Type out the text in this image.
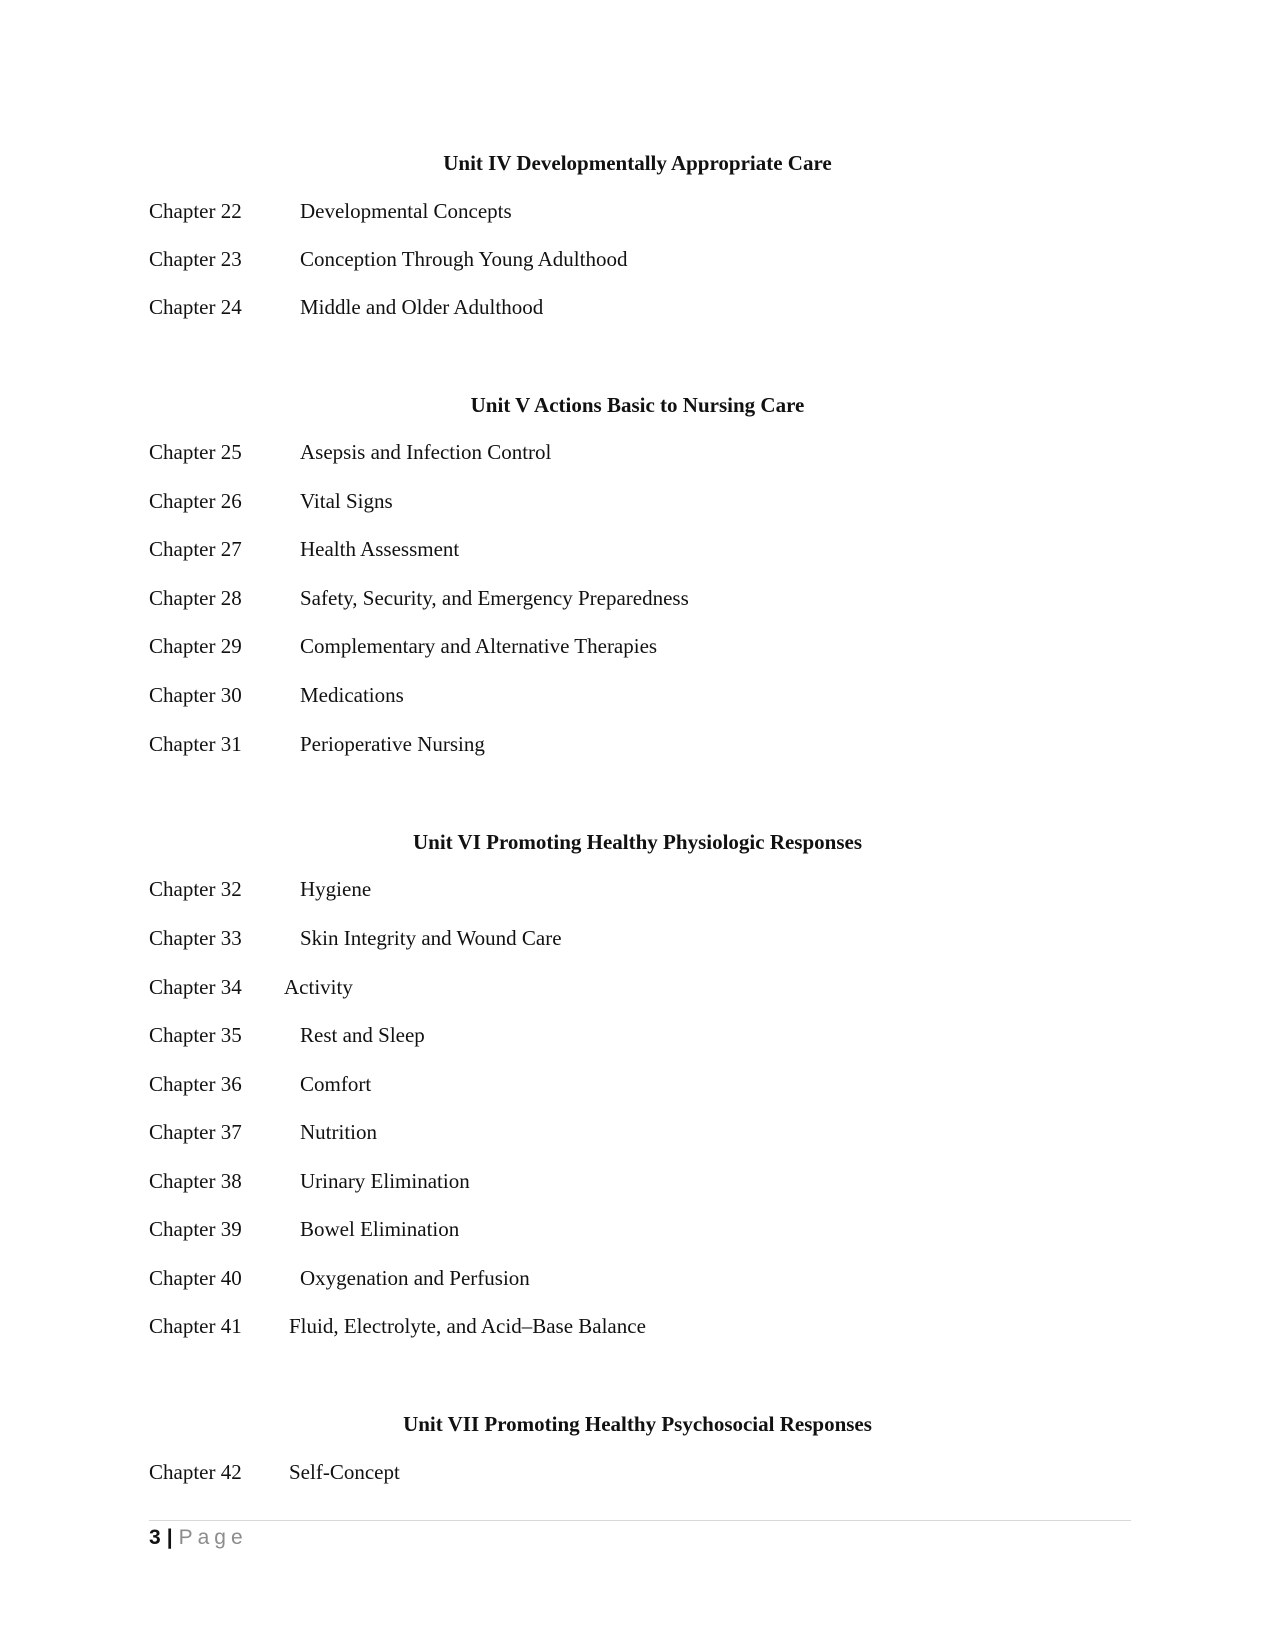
Unit IV Developmentally Appropriate Care
Chapter 22	Developmental Concepts
Chapter 23	Conception Through Young Adulthood
Chapter 24	Middle and Older Adulthood
Unit V Actions Basic to Nursing Care
Chapter 25	Asepsis and Infection Control
Chapter 26	Vital Signs
Chapter 27	Health Assessment
Chapter 28	Safety, Security, and Emergency Preparedness
Chapter 29	Complementary and Alternative Therapies
Chapter 30	Medications
Chapter 31	Perioperative Nursing
Unit VI Promoting Healthy Physiologic Responses
Chapter 32	Hygiene
Chapter 33	Skin Integrity and Wound Care
Chapter 34 Activity
Chapter 35	Rest and Sleep
Chapter 36	Comfort
Chapter 37	Nutrition
Chapter 38	Urinary Elimination
Chapter 39	Bowel Elimination
Chapter 40	Oxygenation and Perfusion
Chapter 41 Fluid, Electrolyte, and Acid–Base Balance
Unit VII Promoting Healthy Psychosocial Responses
Chapter 42 Self-Concept
3 | Page
